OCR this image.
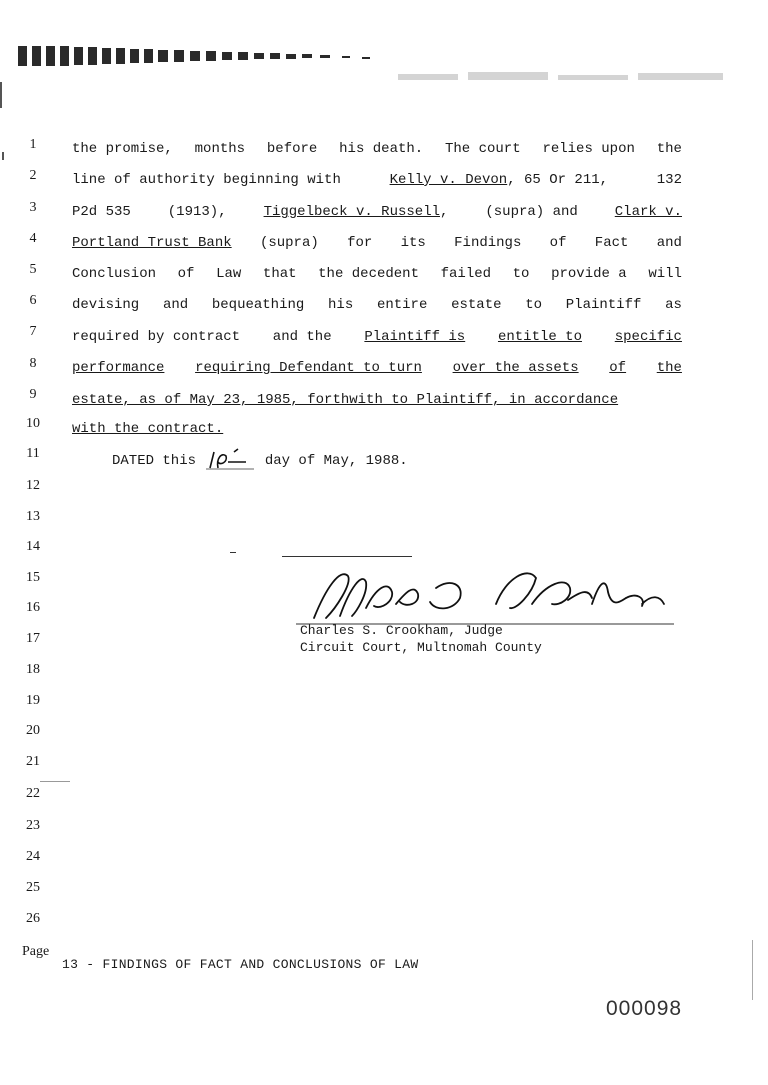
1
2
3
4
5
6
7
8
9
10
11
12
13
14
15
16
17
18
19
20
21
22
23
24
25
26
the promise, months before his death. The court relies upon the
line of authority beginning with	Kelly v. Devon, 65 Or 211,	132
P2d 535	(1913),	Tiggelbeck v. Russell,	(supra) and	Clark v.
Portland Trust Bank (supra) for its Findings of Fact and
Conclusion of Law that the decedent failed to provide a will
devising and bequeathing his entire estate to Plaintiff as
required by contract and the Plaintiff is entitle to specific
performance requiring Defendant to turn over the assets of the
estate, as of May 23, 1985, forthwith to Plaintiff, in accordance
with the contract.
DATED this	day of May, 1988.
Charles S. Crookham, Judge
Circuit Court, Multnomah County
Page
13 - FINDINGS OF FACT AND CONCLUSIONS OF LAW
000098
